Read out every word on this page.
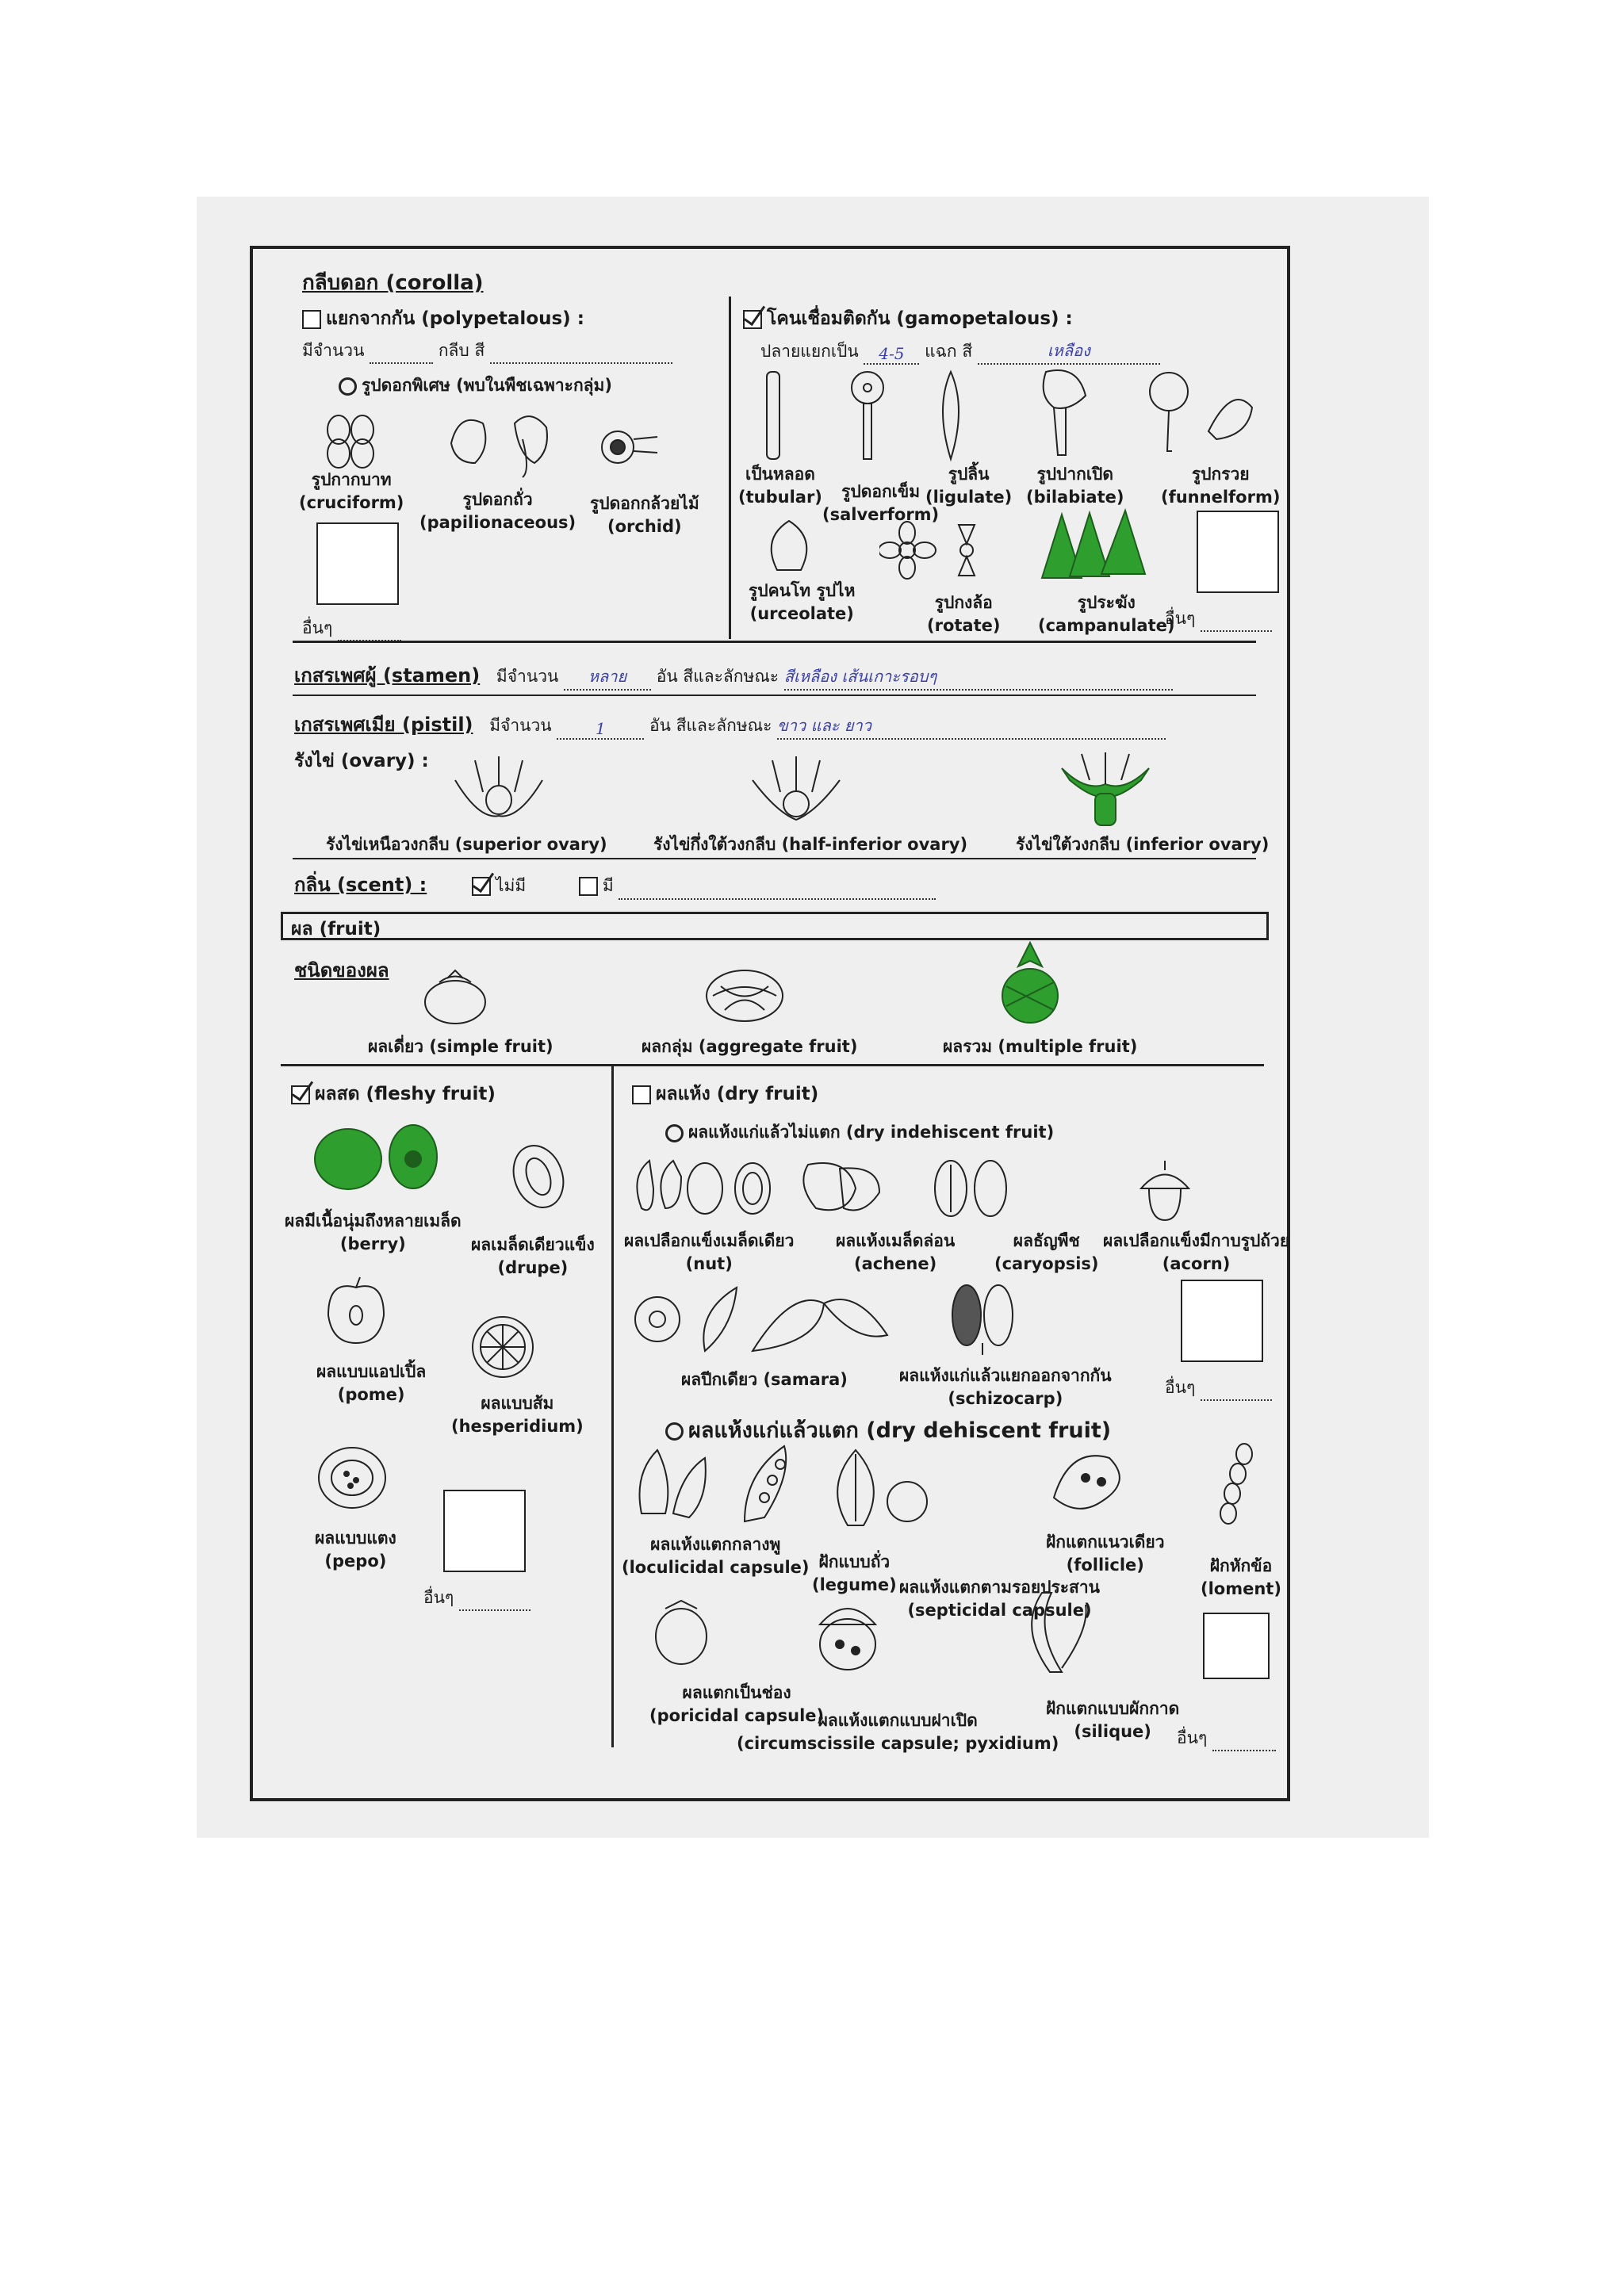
กลีบดอก (corolla)
แยกจากกัน (polypetalous) :
มีจำนวน	กลีบ สี
รูปดอกพิเศษ (พบในพืชเฉพาะกลุ่ม)
รูปกากบาท
(cruciform)	รูปดอกถั่ว
(papilionaceous)
รูปดอกกล้วยไม้
(orchid)
อื่นๆ
โคนเชื่อมติดกัน (gamopetalous) :
ปลายแยกเป็น 4-5 แฉก สี	เหลือง
เป็นหลอด
(tubular)	รูปดอกเข็ม
(salverform)
รูปลิ้น
(ligulate)
รูปปากเปิด
(bilabiate)
รูปกรวย
(funnelform)
รูปคนโท รูปไห
(urceolate)
รูปกงล้อ
(rotate)
รูประฆัง
(campanulate)
อื่นๆ
เกสรเพศผู้ (stamen) มีจำนวน หลาย อัน สีและลักษณะ สีเหลือง เส้นเกาะรอบๆ
เกสรเพศเมีย (pistil) มีจำนวน	1	อัน สีและลักษณะ ขาว และ ยาว
รังไข่ (ovary) :
รังไข่เหนือวงกลีบ (superior ovary)	รังไข่กึ่งใต้วงกลีบ (half-inferior ovary)	รังไข่ใต้วงกลีบ (inferior ovary)
กลิ่น (scent) :	ไม่มี	มี
ผล (fruit)
ชนิดของผล
ผลเดี่ยว (simple fruit)	ผลกลุ่ม (aggregate fruit)	ผลรวม (multiple fruit)
ผลสด (fleshy fruit)
ผลมีเนื้อนุ่มถึงหลายเมล็ด
(berry)	ผลเมล็ดเดียวแข็ง
(drupe)
ผลแบบแอปเปิ้ล
(pome)	ผลแบบส้ม
(hesperidium)
ผลแบบแตง
(pepo)
อื่นๆ
ผลแห้ง (dry fruit)
ผลแห้งแก่แล้วไม่แตก (dry indehiscent fruit)
ผลเปลือกแข็งเมล็ดเดียว
(nut)
ผลแห้งเมล็ดล่อน
(achene)
ผลธัญพืช
(caryopsis)
ผลเปลือกแข็งมีกาบรูปถ้วย
(acorn)
ผลปีกเดียว (samara)	ผลแห้งแก่แล้วแยกออกจากกัน
(schizocarp)
อื่นๆ
ผลแห้งแก่แล้วแตก (dry dehiscent fruit)
ผลแห้งแตกกลางพู
(loculicidal capsule) ฝักแบบถั่ว
(legume) ผลแห้งแตกตามรอยประสาน
(septicidal capsule)
ฝักแตกแนวเดียว
(follicle)	ฝักหักข้อ
(loment)
ผลแตกเป็นช่อง
(poricidal capsule)
ผลแห้งแตกแบบฝาเปิด
(circumscissile capsule; pyxidium)
ฝักแตกแบบผักกาด
(silique)	อื่นๆ
